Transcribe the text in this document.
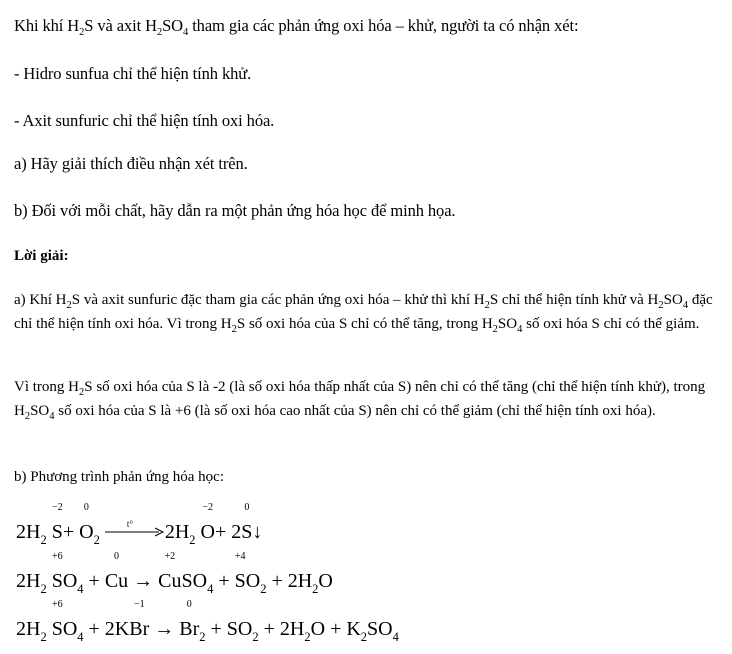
Khi khí $H_2S$ và axit $H_2SO_4$ tham gia các phản ứng oxi hóa – khử, người ta có nhận xét:
- Hidro sunfua chỉ thể hiện tính khử.
- Axit sunfuric chỉ thể hiện tính oxi hóa.
a) Hãy giải thích điều nhận xét trên.
b) Đối với mỗi chất, hãy dẫn ra một phản ứng hóa học để minh họa.
Lời giải:
a) Khí $H_2S$ và axit sunfuric đặc tham gia các phản ứng oxi hóa – khử thì khí $H_2S$ chỉ thể hiện tính khử và $H_2SO_4$ đặc chỉ thể hiện tính oxi hóa. Vì trong $H_2S$ số oxi hóa của S chỉ có thể tăng, trong $H_2SO_4$ số oxi hóa S chỉ có thể giảm.
Vì trong $H_2S$ số oxi hóa của S là -2 (là số oxi hóa thấp nhất của S) nên chỉ có thể tăng (chỉ thể hiện tính khử), trong $H_2SO_4$ số oxi hóa của S là +6 (là số oxi hóa cao nhất của S) nên chỉ có thể giảm (chỉ thể hiện tính oxi hóa).
b) Phương trình phản ứng hóa học:
$2H_2$
−2
S+
0
$O_2$
t° $2H_2$
−2
O+ 2
0
S↓
$2H_2$
+6
$SO_4$ +
0
Cu →
+2
CuSO$_4$ +
+4
$SO_2 + 2H_2O$
$2H_2$
+6
$SO_4 + 2K$
−1
Br →
0
$Br_2 + SO_2 + 2H_2O + K_2SO_4$
